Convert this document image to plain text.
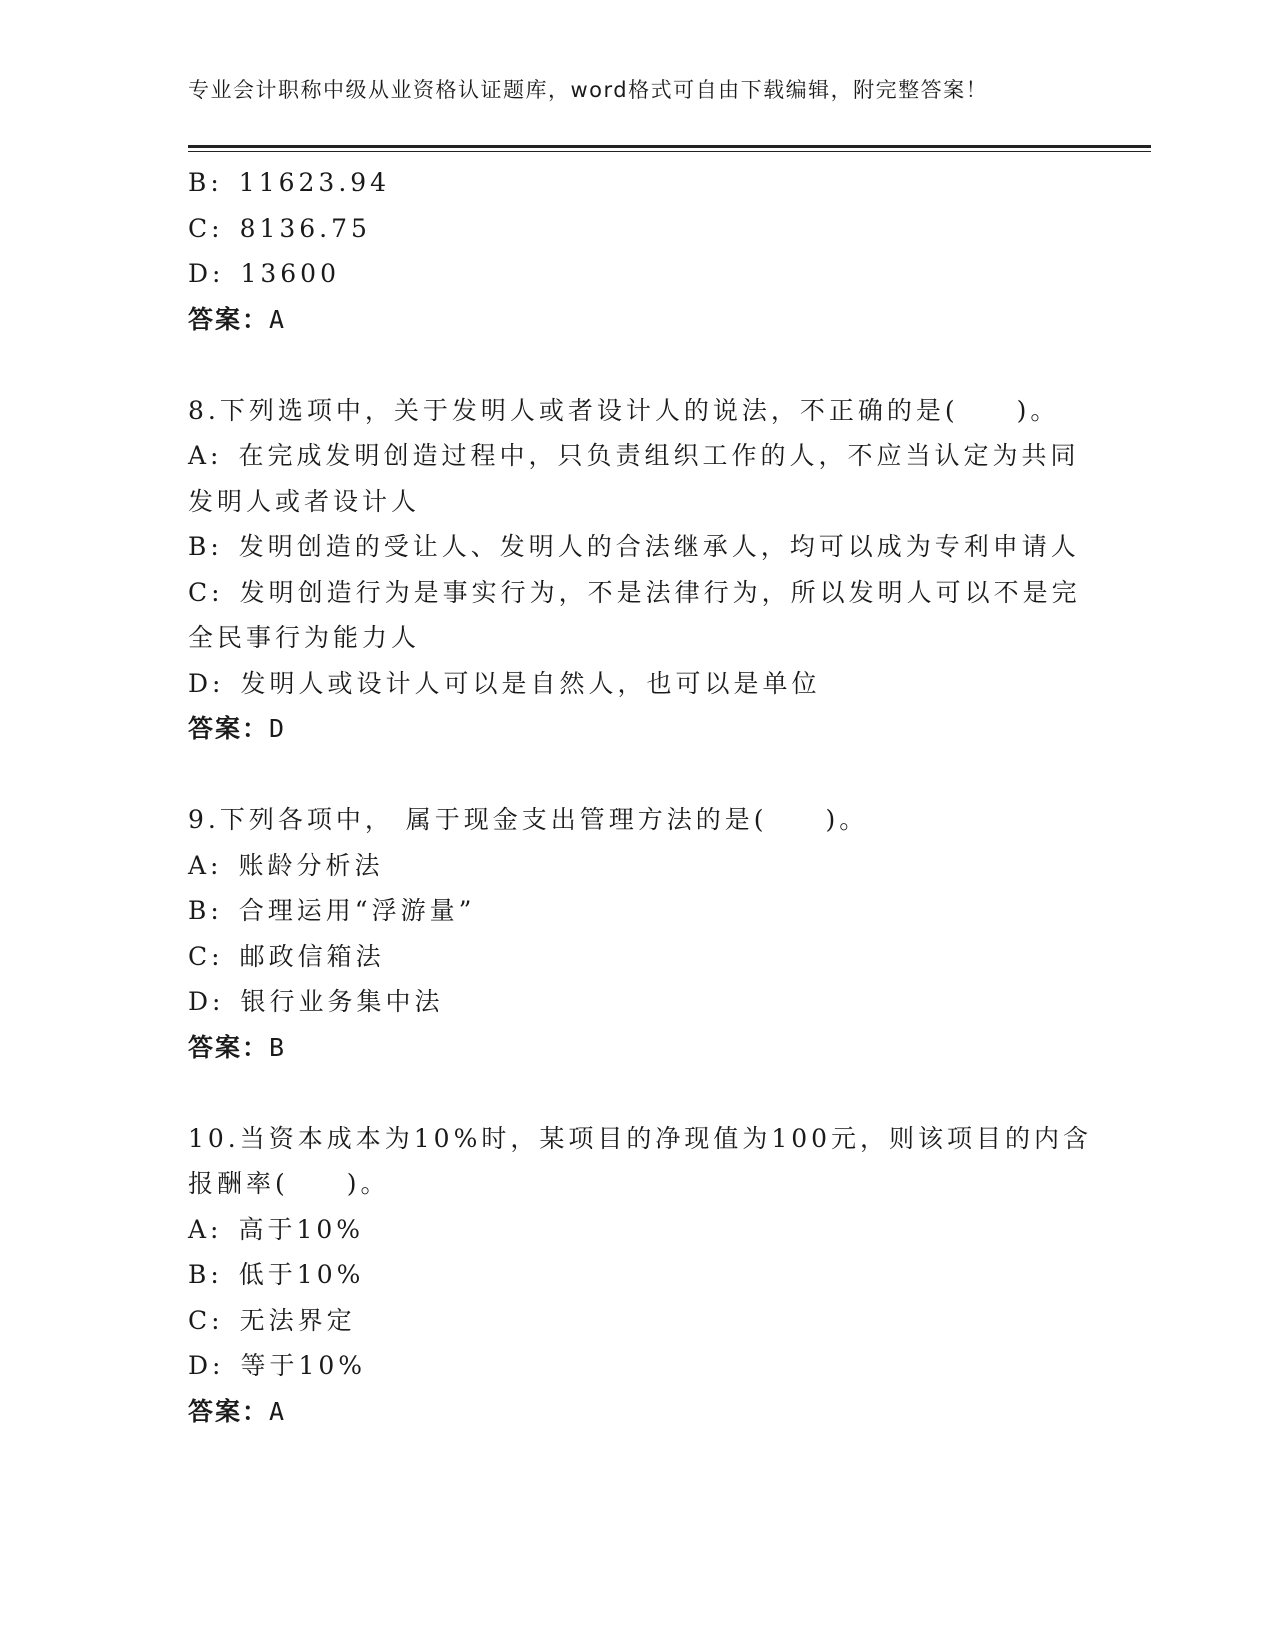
专业会计职称中级从业资格认证题库，word格式可自由下载编辑，附完整答案！
B: 11623.94
C: 8136.75
D: 13600
答案：A
8.下列选项中，关于发明人或者设计人的说法，不正确的是(　　)。
A: 在完成发明创造过程中，只负责组织工作的人，不应当认定为共同
发明人或者设计人
B: 发明创造的受让人、发明人的合法继承人，均可以成为专利申请人
C: 发明创造行为是事实行为，不是法律行为，所以发明人可以不是完
全民事行为能力人
D: 发明人或设计人可以是自然人，也可以是单位
答案：D
9.下列各项中， 属于现金支出管理方法的是(　　)。
A: 账龄分析法
B: 合理运用“浮游量”
C: 邮政信箱法
D: 银行业务集中法
答案：B
10.当资本成本为10%时，某项目的净现值为100元，则该项目的内含
报酬率(　　)。
A: 高于10%
B: 低于10%
C: 无法界定
D: 等于10%
答案：A
